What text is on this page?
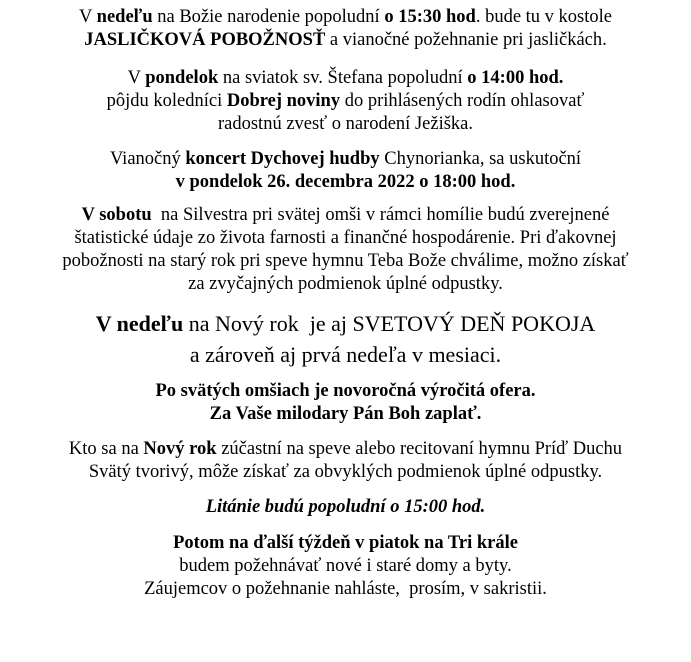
V nedeľu na Božie narodenie popoludní o 15:30 hod. bude tu v kostole

JASLIČKOVÁ POBOŽNOSŤ a vianočné požehnanie pri jasličkách.

V pondelok na sviatok sv. Štefana popoludní o 14:00 hod.

pôjdu koledníci Dobrej noviny do prihlásených rodín ohlasovať

radostnú zvesť o narodení Ježiška.

Vianočný koncert Dychovej hudby Chynorianka, sa uskutoční

v pondelok 26. decembra 2022 o 18:00 hod.

V sobotu  na Silvestra pri svätej omši v rámci homílie budú zverejnené

štatistické údaje zo života farnosti a finančné hospodárenie. Pri ďakovnej

pobožnosti na starý rok pri speve hymnu Teba Bože chválime, možno získať

za zvyčajných podmienok úplné odpustky.

V nedeľu na Nový rok  je aj SVETOVÝ DEŇ POKOJA

a zároveň aj prvá nedeľa v mesiaci.

Po svätých omšiach je novoročná výročitá ofera.

Za Vaše milodary Pán Boh zaplať.

Kto sa na Nový rok zúčastní na speve alebo recitovaní hymnu Príď Duchu

Svätý tvorivý, môže získať za obvyklých podmienok úplné odpustky.

Litánie budú popoludní o 15:00 hod.

Potom na ďalší týždeň v piatok na Tri krále

budem požehnávať nové i staré domy a byty.

Záujemcov o požehnanie nahláste,  prosím, v sakristii.
